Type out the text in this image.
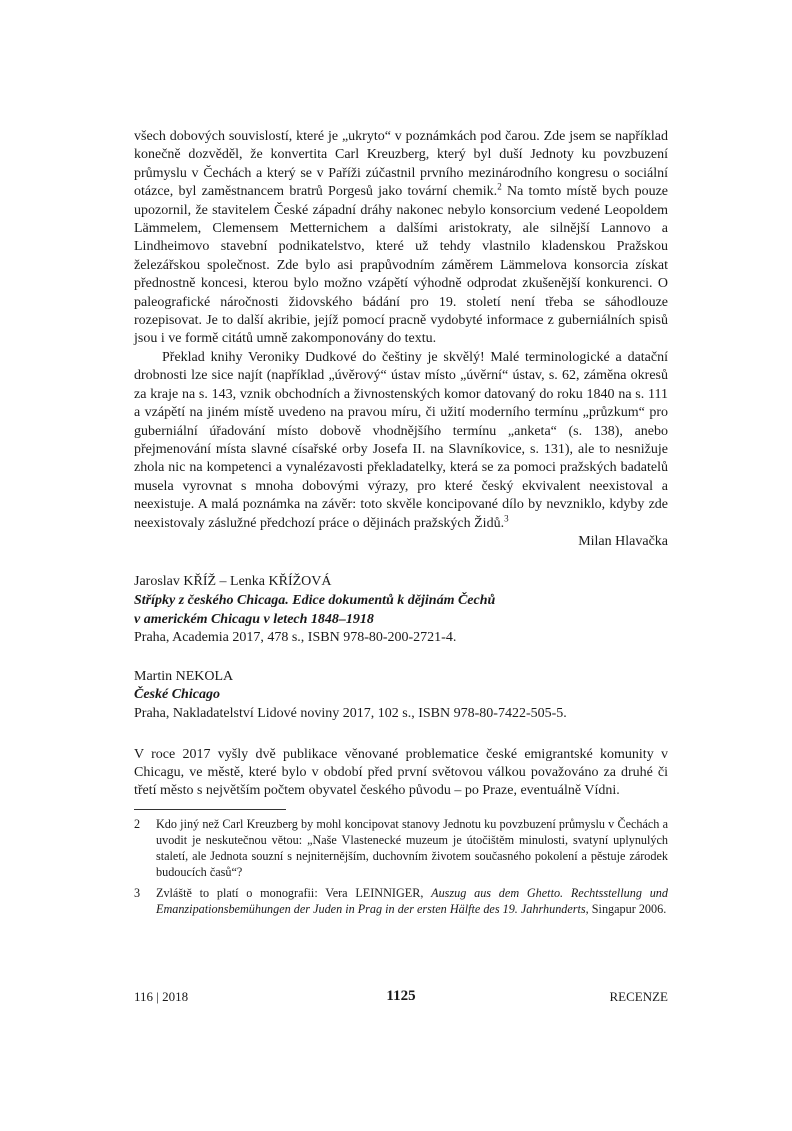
všech dobových souvislostí, které je „ukryto“ v poznámkách pod čarou. Zde jsem se například konečně dozvěděl, že konvertita Carl Kreuzberg, který byl duší Jednoty ku povzbuzení průmyslu v Čechách a který se v Paříži zúčastnil prvního mezinárodního kongresu o sociální otázce, byl zaměstnancem bratrů Porgesů jako tovární chemik.$^2$ Na tomto místě bych pouze upozornil, že stavitelem České západní dráhy nakonec nebylo konsorcium vedené Leopoldem Lämmelem, Clemensem Metternichem a dalšími aristokraty, ale silnější Lannovo a Lindheimovo stavební podnikatelstvo, které už tehdy vlastnilo kladenskou Pražskou železářskou společnost. Zde bylo asi prapůvodním záměrem Lämmelova konsorcia získat přednostně koncesi, kterou bylo možno vzápětí výhodně odprodat zkušenější konkurenci. O paleografické náročnosti židovského bádání pro 19. století není třeba se sáhodlouze rozepisovat. Je to další akribie, jejíž pomocí pracně vydobyté informace z guberniálních spisů jsou i ve formě citátů umně zakomponovány do textu.

Překlad knihy Veroniky Dudkové do češtiny je skvělý! Malé terminologické a datační drobnosti lze sice najít (například „úvěrový“ ústav místo „úvěrní“ ústav, s. 62, záměna okresů za kraje na s. 143, vznik obchodních a živnostenských komor datovaný do roku 1840 na s. 111 a vzápětí na jiném místě uvedeno na pravou míru, či užití moderního termínu „průzkum“ pro guberniální úřadování místo dobově vhodnějšího termínu „anketa“ (s. 138), anebo přejmenování místa slavné císařské orby Josefa II. na Slavníkovice, s. 131), ale to nesnižuje zhola nic na kompetenci a vynalézavosti překladatelky, která se za pomoci pražských badatelů musela vyrovnat s mnoha dobovými výrazy, pro které český ekvivalent neexistoval a neexistuje. A malá poznámka na závěr: toto skvěle koncipované dílo by nevzniklo, kdyby zde neexistovaly záslužné předchozí práce o dějinách pražských Židů.$^3$

Milan Hlavačka
Jaroslav KŘÍŽ – Lenka KŘÍŽOVÁ
Střípky z českého Chicaga. Edice dokumentů k dějinám Čechů
v americkém Chicagu v letech 1848–1918
Praha, Academia 2017, 478 s., ISBN 978-80-200-2721-4.
Martin NEKOLA
České Chicago
Praha, Nakladatelství Lidové noviny 2017, 102 s., ISBN 978-80-7422-505-5.

V roce 2017 vyšly dvě publikace věnované problematice české emigrantské komunity v Chicagu, ve městě, které bylo v období před první světovou válkou považováno za druhé či třetí město s největším počtem obyvatel českého původu – po Praze, eventuálně Vídni.

2	Kdo jiný než Carl Kreuzberg by mohl koncipovat stanovy Jednotu ku povzbuzení průmyslu v Čechách a uvodit je neskutečnou větou: „Naše Vlastenecké muzeum je útočištěm minulosti, svatyní uplynulých staletí, ale Jednota souzní s nejniternějším, duchovním životem současného pokolení a pěstuje zárodek budoucích časů“?
3	Zvláště to platí o monografii: Vera LEINNIGER, Auszug aus dem Ghetto. Rechtsstellung und Emanzipationsbemühungen der Juden in Prag in der ersten Hälfte des 19. Jahrhunderts, Singapur 2006.
116 | 2018	1125	RECENZE
